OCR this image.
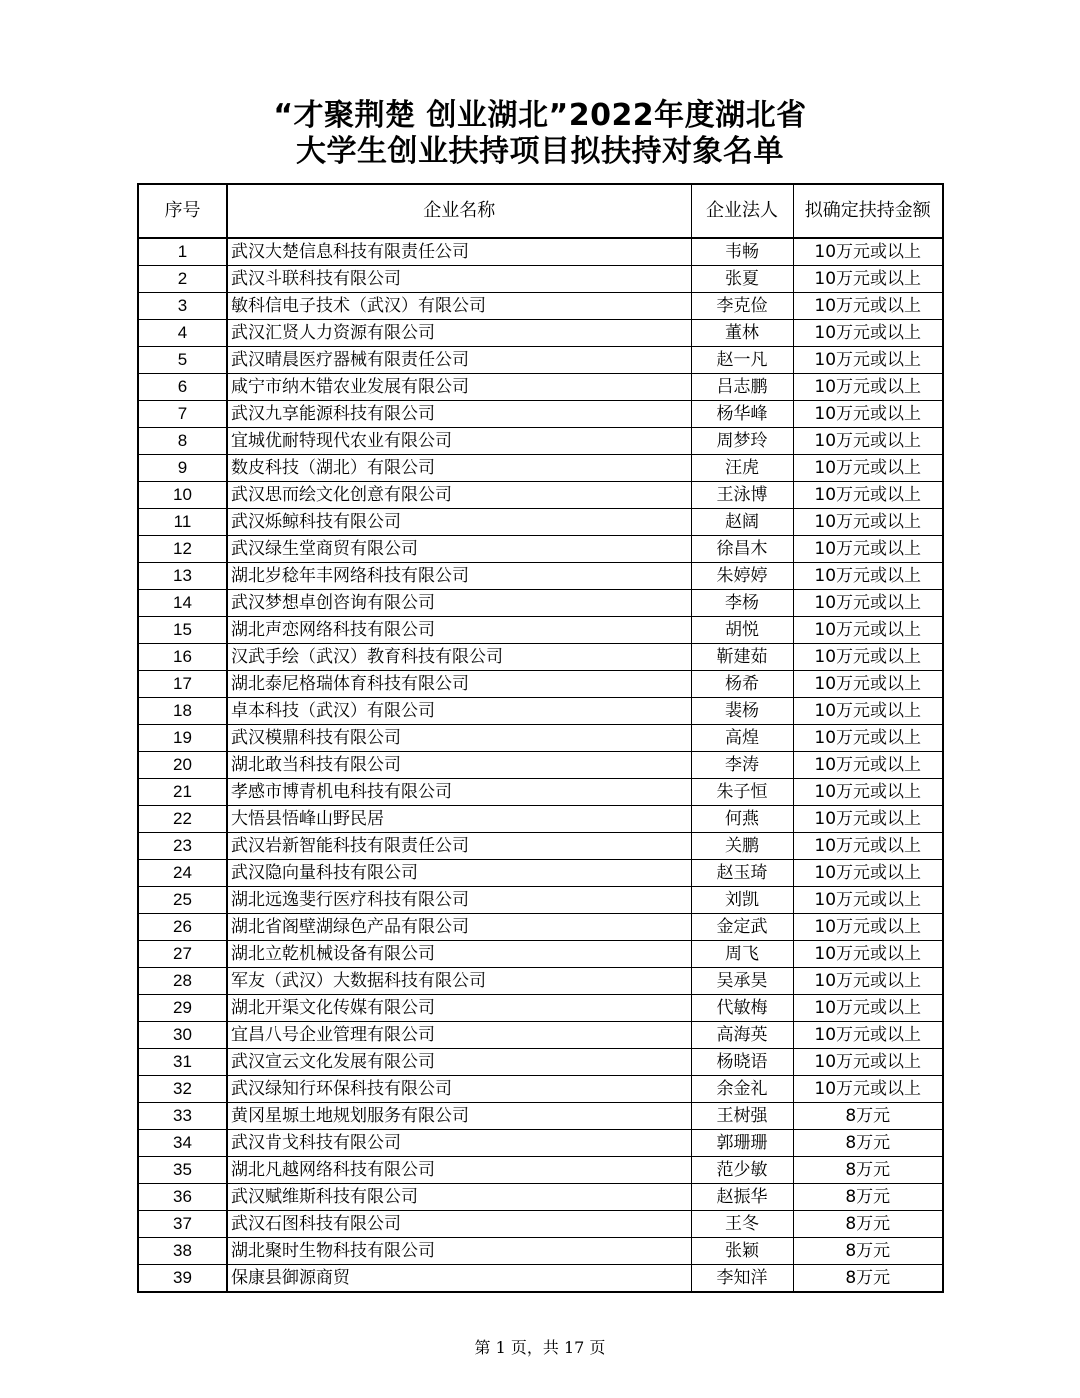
“才聚荆楚 创业湖北”2022年度湖北省
大学生创业扶持项目拟扶持对象名单
序号	企业名称	企业法人	拟确定扶持金额
1	武汉大楚信息科技有限责任公司	韦畅	10万元或以上
2	武汉斗联科技有限公司	张夏	10万元或以上
3	敏科信电子技术（武汉）有限公司	李克俭	10万元或以上
4	武汉汇贤人力资源有限公司	董林	10万元或以上
5	武汉晴晨医疗器械有限责任公司	赵一凡	10万元或以上
6	咸宁市纳木错农业发展有限公司	吕志鹏	10万元或以上
7	武汉九享能源科技有限公司	杨华峰	10万元或以上
8	宜城优耐特现代农业有限公司	周梦玲	10万元或以上
9	数皮科技（湖北）有限公司	汪虎	10万元或以上
10	武汉思而绘文化创意有限公司	王泳博	10万元或以上
11	武汉烁鲸科技有限公司	赵阔	10万元或以上
12	武汉绿生堂商贸有限公司	徐昌木	10万元或以上
13	湖北岁稔年丰网络科技有限公司	朱婷婷	10万元或以上
14	武汉梦想卓创咨询有限公司	李杨	10万元或以上
15	湖北声恋网络科技有限公司	胡悦	10万元或以上
16	汉武手绘（武汉）教育科技有限公司	靳建茹	10万元或以上
17	湖北泰尼格瑞体育科技有限公司	杨希	10万元或以上
18	卓本科技（武汉）有限公司	裴杨	10万元或以上
19	武汉模鼎科技有限公司	高煌	10万元或以上
20	湖北敢当科技有限公司	李涛	10万元或以上
21	孝感市博青机电科技有限公司	朱子恒	10万元或以上
22	大悟县悟峰山野民居	何燕	10万元或以上
23	武汉岩新智能科技有限责任公司	关鹏	10万元或以上
24	武汉隐向量科技有限公司	赵玉琦	10万元或以上
25	湖北远逸斐行医疗科技有限公司	刘凯	10万元或以上
26	湖北省阁壁湖绿色产品有限公司	金定武	10万元或以上
27	湖北立乾机械设备有限公司	周飞	10万元或以上
28	军友（武汉）大数据科技有限公司	吴承昊	10万元或以上
29	湖北开渠文化传媒有限公司	代敏梅	10万元或以上
30	宜昌八号企业管理有限公司	高海英	10万元或以上
31	武汉宣云文化发展有限公司	杨晓语	10万元或以上
32	武汉绿知行环保科技有限公司	余金礼	10万元或以上
33	黄冈星塬土地规划服务有限公司	王树强	8万元
34	武汉肯戈科技有限公司	郭珊珊	8万元
35	湖北凡越网络科技有限公司	范少敏	8万元
36	武汉赋维斯科技有限公司	赵振华	8万元
37	武汉石图科技有限公司	王冬	8万元
38	湖北聚时生物科技有限公司	张颖	8万元
39	保康县御源商贸	李知洋	8万元
第 1 页，共 17 页
